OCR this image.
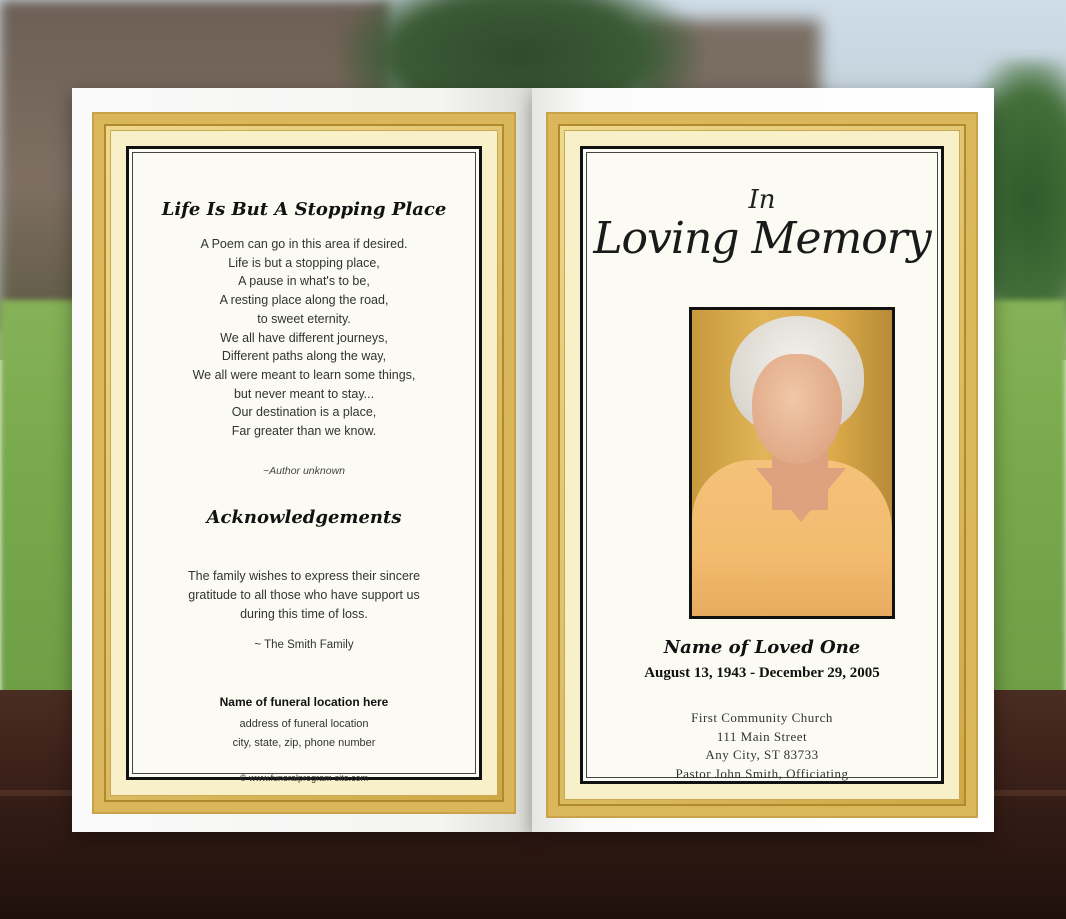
Life Is But A Stopping Place
A Poem can go in this area if desired.
Life is but a stopping place,
A pause in what's to be,
A resting place along the road,
to sweet eternity.
We all have different journeys,
Different paths along the way,
We all were meant to learn some things,
but never meant to stay...
Our destination is a place,
Far greater than we know.
~Author unknown
Acknowledgements
The family wishes to express their sincere
gratitude to all those who have support us
during this time of loss.
~ The Smith Family
Name of funeral location here
address of funeral location
city, state, zip, phone number
© www.funeralprogram-site.com
In
Loving Memory
Name of Loved One
August 13, 1943 - December 29, 2005
First Community Church
111 Main Street
Any City, ST 83733
Pastor John Smith, Officiating
